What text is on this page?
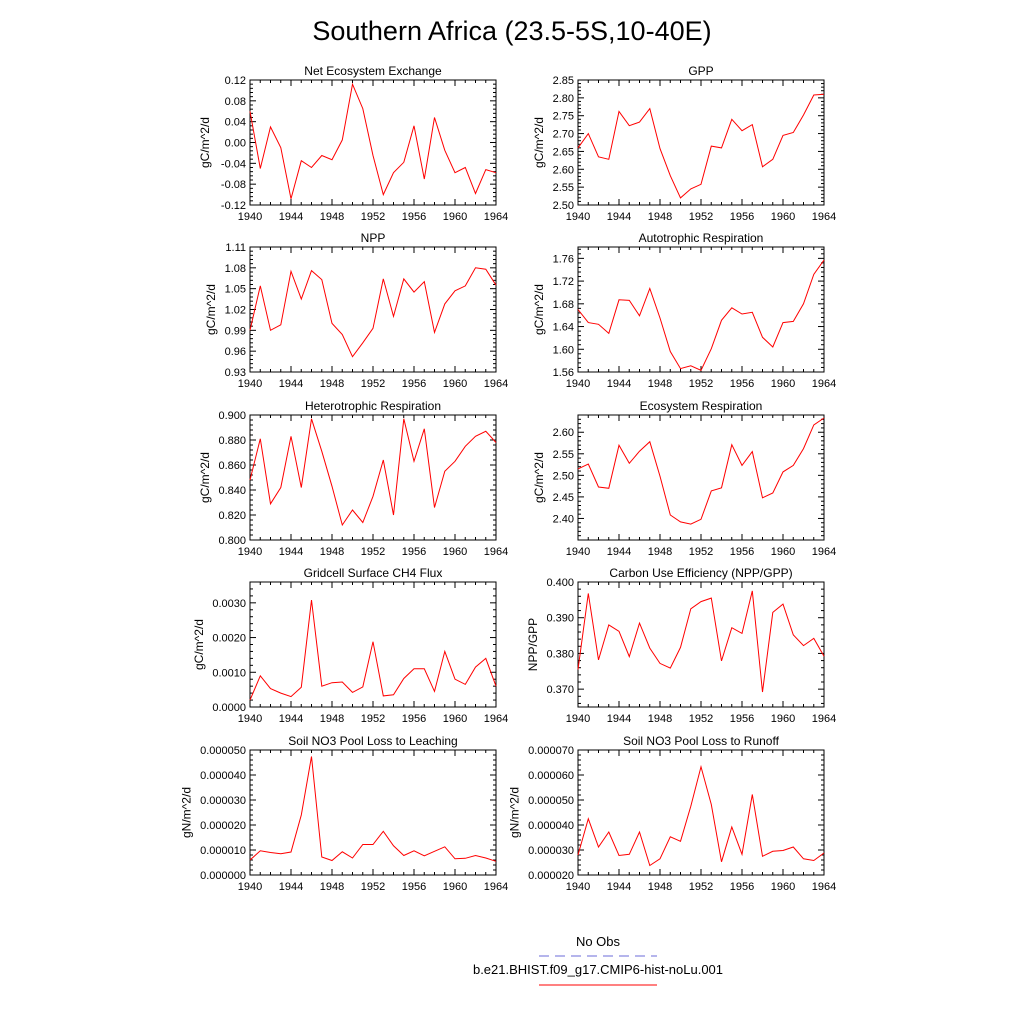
Southern Africa (23.5-5S,10-40E)
Net Ecosystem Exchange
1940 1944 1948 1952 1956 1960 1964
-0.12
-0.08
-0.04
0.00
0.04
0.08
0.12
gC/m^2/d
GPP
1940 1944 1948 1952 1956 1960 1964
2.50
2.55
2.60
2.65
2.70
2.75
2.80
2.85
gC/m^2/d
NPP
1940 1944 1948 1952 1956 1960 1964
0.93
0.96
0.99
1.02
1.05
1.08
1.11
gC/m^2/d
Autotrophic Respiration
1940 1944 1948 1952 1956 1960 1964
1.56
1.60
1.64
1.68
1.72
1.76
gC/m^2/d
Heterotrophic Respiration
1940 1944 1948 1952 1956 1960 1964
0.800
0.820
0.840
0.860
0.880
0.900
gC/m^2/d
Ecosystem Respiration
1940 1944 1948 1952 1956 1960 1964
2.40
2.45
2.50
2.55
2.60
gC/m^2/d
Gridcell Surface CH4 Flux
1940 1944 1948 1952 1956 1960 1964
0.0000
0.0010
0.0020
0.0030
gC/m^2/d
Carbon Use Efficiency (NPP/GPP)
1940 1944 1948 1952 1956 1960 1964
0.370
0.380
0.390
0.400
NPP/GPP
Soil NO3 Pool Loss to Leaching
1940 1944 1948 1952 1956 1960 1964
0.000000
0.000010
0.000020
0.000030
0.000040
0.000050
gN/m^2/d
Soil NO3 Pool Loss to Runoff
1940 1944 1948 1952 1956 1960 1964
0.000020
0.000030
0.000040
0.000050
0.000060
0.000070
gN/m^2/d
No Obs
b.e21.BHIST.f09_g17.CMIP6-hist-noLu.001
